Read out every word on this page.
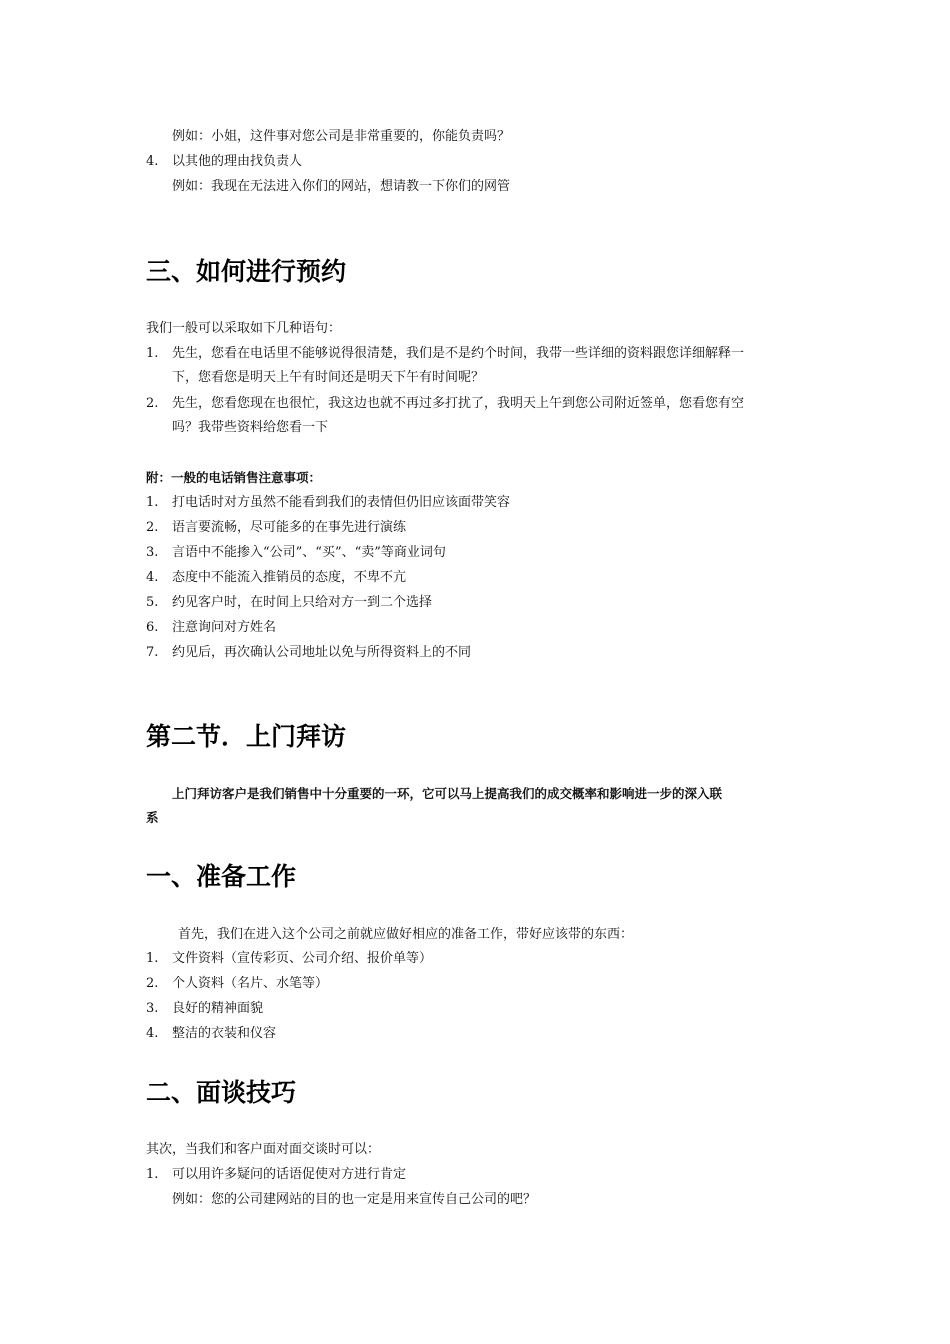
例如：小姐，这件事对您公司是非常重要的，你能负责吗？
4. 以其他的理由找负责人
例如：我现在无法进入你们的网站，想请教一下你们的网管
三、如何进行预约
我们一般可以采取如下几种语句：
1. 先生，您看在电话里不能够说得很清楚，我们是不是约个时间，我带一些详细的资料跟您详细解释一
下，您看您是明天上午有时间还是明天下午有时间呢？
2. 先生，您看您现在也很忙，我这边也就不再过多打扰了，我明天上午到您公司附近签单，您看您有空
吗？我带些资料给您看一下
附：一般的电话销售注意事项：
1. 打电话时对方虽然不能看到我们的表情但仍旧应该面带笑容
2. 语言要流畅，尽可能多的在事先进行演练
3. 言语中不能掺入“公司”、“买”、“卖”等商业词句
4. 态度中不能流入推销员的态度，不卑不亢
5. 约见客户时，在时间上只给对方一到二个选择
6. 注意询问对方姓名
7. 约见后，再次确认公司地址以免与所得资料上的不同
第二节．上门拜访
上门拜访客户是我们销售中十分重要的一环，它可以马上提高我们的成交概率和影响进一步的深入联
系
一、准备工作
首先，我们在进入这个公司之前就应做好相应的准备工作，带好应该带的东西：
1. 文件资料（宣传彩页、公司介绍、报价单等）
2. 个人资料（名片、水笔等）
3. 良好的精神面貌
4. 整洁的衣装和仪容
二、面谈技巧
其次，当我们和客户面对面交谈时可以：
1. 可以用许多疑问的话语促使对方进行肯定
例如：您的公司建网站的目的也一定是用来宣传自己公司的吧？
